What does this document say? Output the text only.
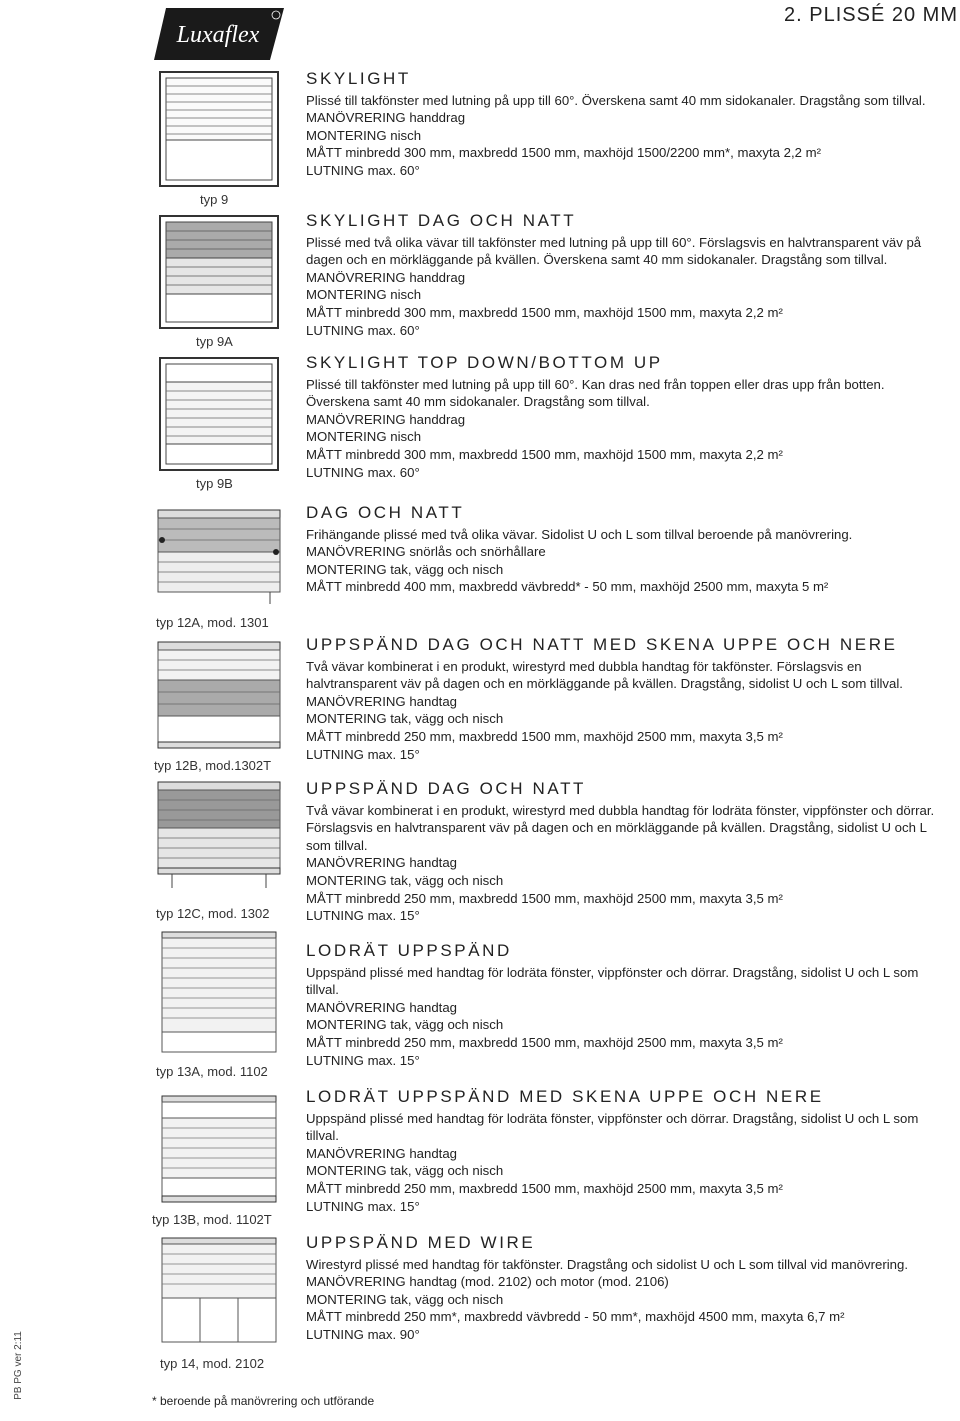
Luxaflex
2. PLISSÉ 20 MM
typ 9
typ 9A
typ 9B
typ 12A, mod. 1301
typ 12B, mod.1302T
typ 12C, mod. 1302
typ 13A, mod. 1102
typ 13B, mod. 1102T
typ 14, mod. 2102
SKYLIGHT

Plissé till takfönster med lutning på upp till 60°. Överskena samt 40 mm sidokanaler. Dragstång som tillval.

MANÖVRERING handdrag

MONTERING nisch

MÅTT minbredd 300 mm, maxbredd 1500 mm, maxhöjd 1500/2200 mm*, maxyta 2,2 m²

LUTNING max. 60°

SKYLIGHT DAG OCH NATT

Plissé med två olika vävar till takfönster med lutning på upp till 60°. Förslagsvis en halvtransparent väv på dagen och en mörkläggande på kvällen. Överskena samt 40 mm sidokanaler. Dragstång som tillval.

MANÖVRERING handdrag

MONTERING nisch

MÅTT minbredd 300 mm, maxbredd 1500 mm, maxhöjd 1500 mm, maxyta 2,2 m²

LUTNING max. 60°

SKYLIGHT TOP DOWN/BOTTOM UP

Plissé till takfönster med lutning på upp till 60°. Kan dras ned från toppen eller dras upp från botten. Överskena samt 40 mm sidokanaler. Dragstång som tillval.

MANÖVRERING handdrag

MONTERING nisch

MÅTT minbredd 300 mm, maxbredd 1500 mm, maxhöjd 1500 mm, maxyta 2,2 m²

LUTNING max. 60°

DAG OCH NATT

Frihängande plissé med två olika vävar. Sidolist U och L som tillval beroende på manövrering.

MANÖVRERING snörlås och snörhållare

MONTERING tak, vägg och nisch

MÅTT minbredd 400 mm, maxbredd vävbredd* - 50 mm, maxhöjd 2500 mm, maxyta 5 m²

UPPSPÄND DAG OCH NATT MED SKENA UPPE OCH NERE

Två vävar kombinerat i en produkt, wirestyrd med dubbla handtag för takfönster. Förslagsvis en halvtransparent väv på dagen och en mörkläggande på kvällen. Dragstång, sidolist U och L som tillval.

MANÖVRERING handtag

MONTERING tak, vägg och nisch

MÅTT minbredd 250 mm, maxbredd 1500 mm, maxhöjd 2500 mm, maxyta 3,5 m²

LUTNING max. 15°

UPPSPÄND DAG OCH NATT

Två vävar kombinerat i en produkt, wirestyrd med dubbla handtag för lodräta fönster, vippfönster och dörrar. Förslagsvis en halvtransparent väv på dagen och en mörkläggande på kvällen. Dragstång, sidolist U och L som tillval.

MANÖVRERING handtag

MONTERING tak, vägg och nisch

MÅTT minbredd 250 mm, maxbredd 1500 mm, maxhöjd 2500 mm, maxyta 3,5 m²

LUTNING max. 15°

LODRÄT UPPSPÄND

Uppspänd plissé med handtag för lodräta fönster, vippfönster och dörrar. Dragstång, sidolist U och L som tillval.

MANÖVRERING handtag

MONTERING tak, vägg och nisch

MÅTT minbredd 250 mm, maxbredd 1500 mm, maxhöjd 2500 mm, maxyta 3,5 m²

LUTNING max. 15°

LODRÄT UPPSPÄND MED SKENA UPPE OCH NERE

Uppspänd plissé med handtag för lodräta fönster, vippfönster och dörrar. Dragstång, sidolist U och L som tillval.

MANÖVRERING handtag

MONTERING tak, vägg och nisch

MÅTT minbredd 250 mm, maxbredd 1500 mm, maxhöjd 2500 mm, maxyta 3,5 m²

LUTNING max. 15°

UPPSPÄND MED WIRE

Wirestyrd plissé med handtag för takfönster. Dragstång och sidolist U och L som tillval vid manövrering.

MANÖVRERING handtag (mod. 2102) och motor (mod. 2106)

MONTERING tak, vägg och nisch

MÅTT minbredd 250 mm*, maxbredd vävbredd - 50 mm*, maxhöjd 4500 mm, maxyta 6,7 m²

LUTNING max. 90°

* beroende på manövrering och utförande
PB PG ver 2:11
